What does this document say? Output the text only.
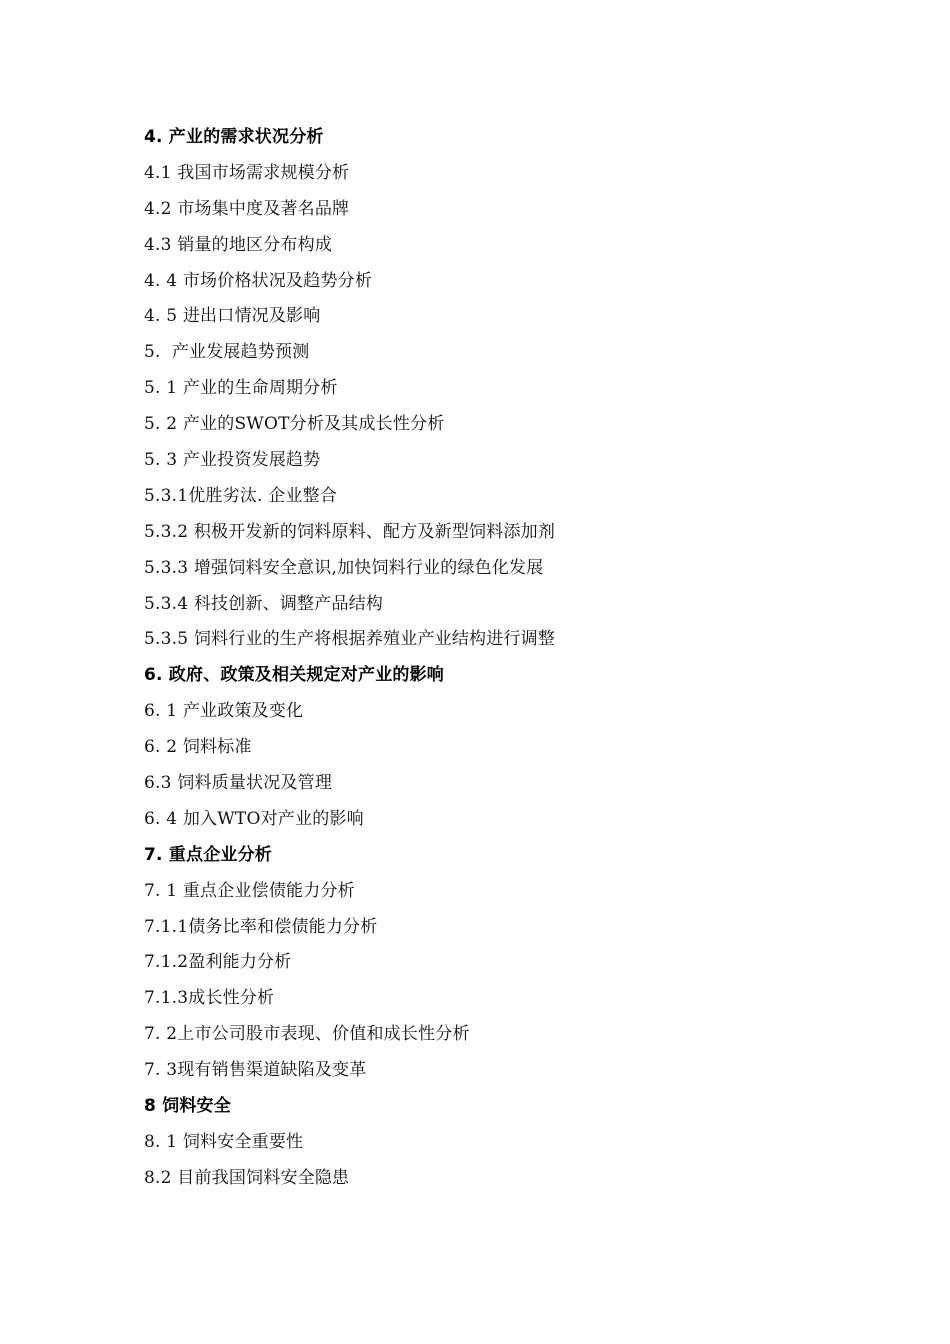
4. 产业的需求状况分析
4.1 我国市场需求规模分析
4.2 市场集中度及著名品牌
4.3 销量的地区分布构成
4. 4 市场价格状况及趋势分析
4. 5 进出口情况及影响
5.  产业发展趋势预测
5. 1 产业的生命周期分析
5. 2 产业的SWOT分析及其成长性分析
5. 3 产业投资发展趋势
5.3.1优胜劣汰. 企业整合
5.3.2 积极开发新的饲料原料、配方及新型饲料添加剂
5.3.3 增强饲料安全意识,加快饲料行业的绿色化发展
5.3.4 科技创新、调整产品结构
5.3.5 饲料行业的生产将根据养殖业产业结构进行调整
6. 政府、政策及相关规定对产业的影响
6. 1 产业政策及变化
6. 2 饲料标准
6.3 饲料质量状况及管理
6. 4 加入WTO对产业的影响
7. 重点企业分析
7. 1 重点企业偿债能力分析
7.1.1债务比率和偿债能力分析
7.1.2盈利能力分析
7.1.3成长性分析
7. 2上市公司股市表现、价值和成长性分析
7. 3现有销售渠道缺陷及变革
8 饲料安全
8. 1 饲料安全重要性
8.2 目前我国饲料安全隐患
